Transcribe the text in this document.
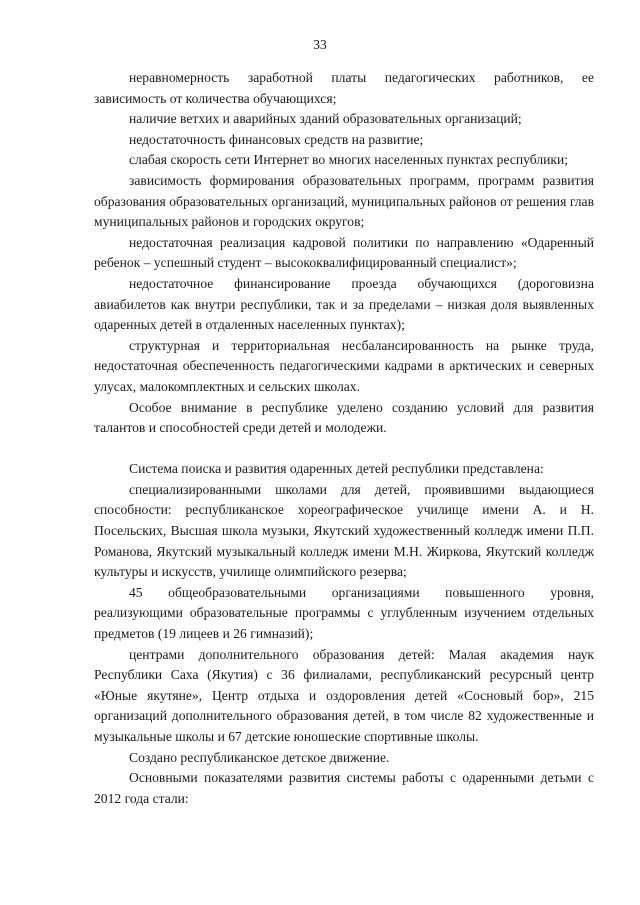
33

неравномерность заработной платы педагогических работников, ее зависимость от количества обучающихся;

наличие ветхих и аварийных зданий образовательных организаций;

недостаточность финансовых средств на развитие;

слабая скорость сети Интернет во многих населенных пунктах республики;

зависимость формирования образовательных программ, программ развития образования образовательных организаций, муниципальных районов от решения глав муниципальных районов и городских округов;

недостаточная реализация кадровой политики по направлению «Одаренный ребенок – успешный студент – высококвалифицированный специалист»;

недостаточное финансирование проезда обучающихся (дороговизна авиабилетов как внутри республики, так и за пределами – низкая доля выявленных одаренных детей в отдаленных населенных пунктах);

структурная и территориальная несбалансированность на рынке труда, недостаточная обеспеченность педагогическими кадрами в арктических и северных улусах, малокомплектных и сельских школах.

Особое внимание в республике уделено созданию условий для развития талантов и способностей среди детей и молодежи.

Система поиска и развития одаренных детей республики представлена:

специализированными школами для детей, проявившими выдающиеся способности: республиканское хореографическое училище имени А. и Н. Посельских, Высшая школа музыки, Якутский художественный колледж имени П.П. Романова, Якутский музыкальный колледж имени М.Н. Жиркова, Якутский колледж культуры и искусств, училище олимпийского резерва;

45 общеобразовательными организациями повышенного уровня, реализующими образовательные программы с углубленным изучением отдельных предметов (19 лицеев и 26 гимназий);

центрами дополнительного образования детей: Малая академия наук Республики Саха (Якутия) с 36 филиалами, республиканский ресурсный центр «Юные якутяне», Центр отдыха и оздоровления детей «Сосновый бор», 215 организаций дополнительного образования детей, в том числе 82 художественные и музыкальные школы и 67 детские юношеские спортивные школы.

Создано республиканское детское движение.

Основными показателями развития системы работы с одаренными детьми с 2012 года стали:
